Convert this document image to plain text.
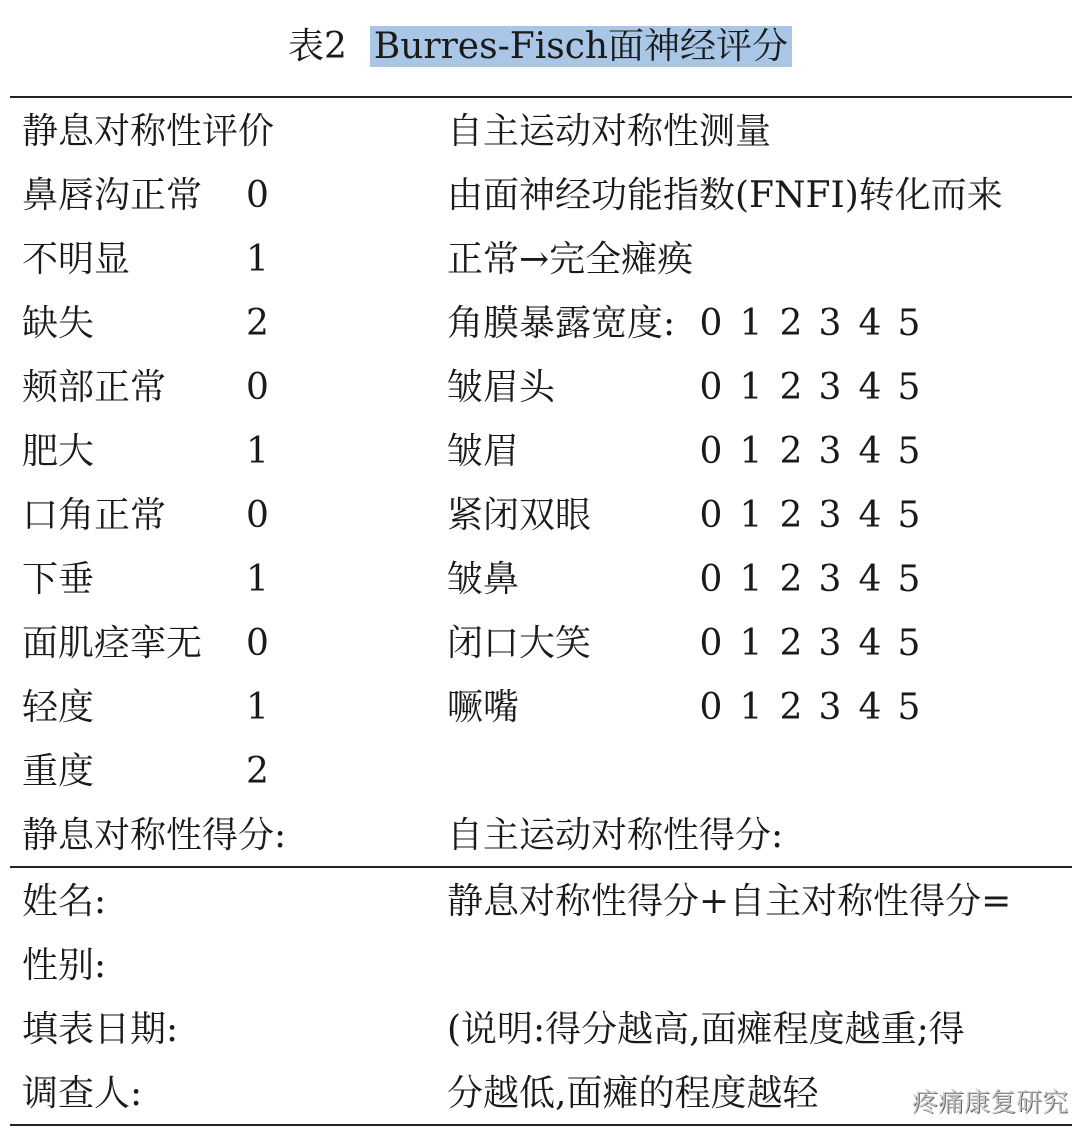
表2 Burres-Fisch面神经评分
静息对称性评价	自主运动对称性测量
鼻唇沟正常 0	由面神经功能指数(FNFI)转化而来
不明显	1	正常→完全瘫痪
缺失	2	角膜暴露宽度: 0 1 2 3 4 5
颊部正常 0	皱眉头	0 1 2 3 4 5
肥大	1	皱眉	0 1 2 3 4 5
口角正常 0	紧闭双眼	0 1 2 3 4 5
下垂	1	皱鼻	0 1 2 3 4 5
面肌痉挛无 0	闭口大笑	0 1 2 3 4 5
轻度	1	噘嘴	0 1 2 3 4 5
重度	2
静息对称性得分:	自主运动对称性得分:
姓名:	静息对称性得分+自主对称性得分=
性别:
填表日期:	(说明:得分越高,面瘫程度越重;得
调查人:	分越低,面瘫的程度越轻	疼痛康复研究
